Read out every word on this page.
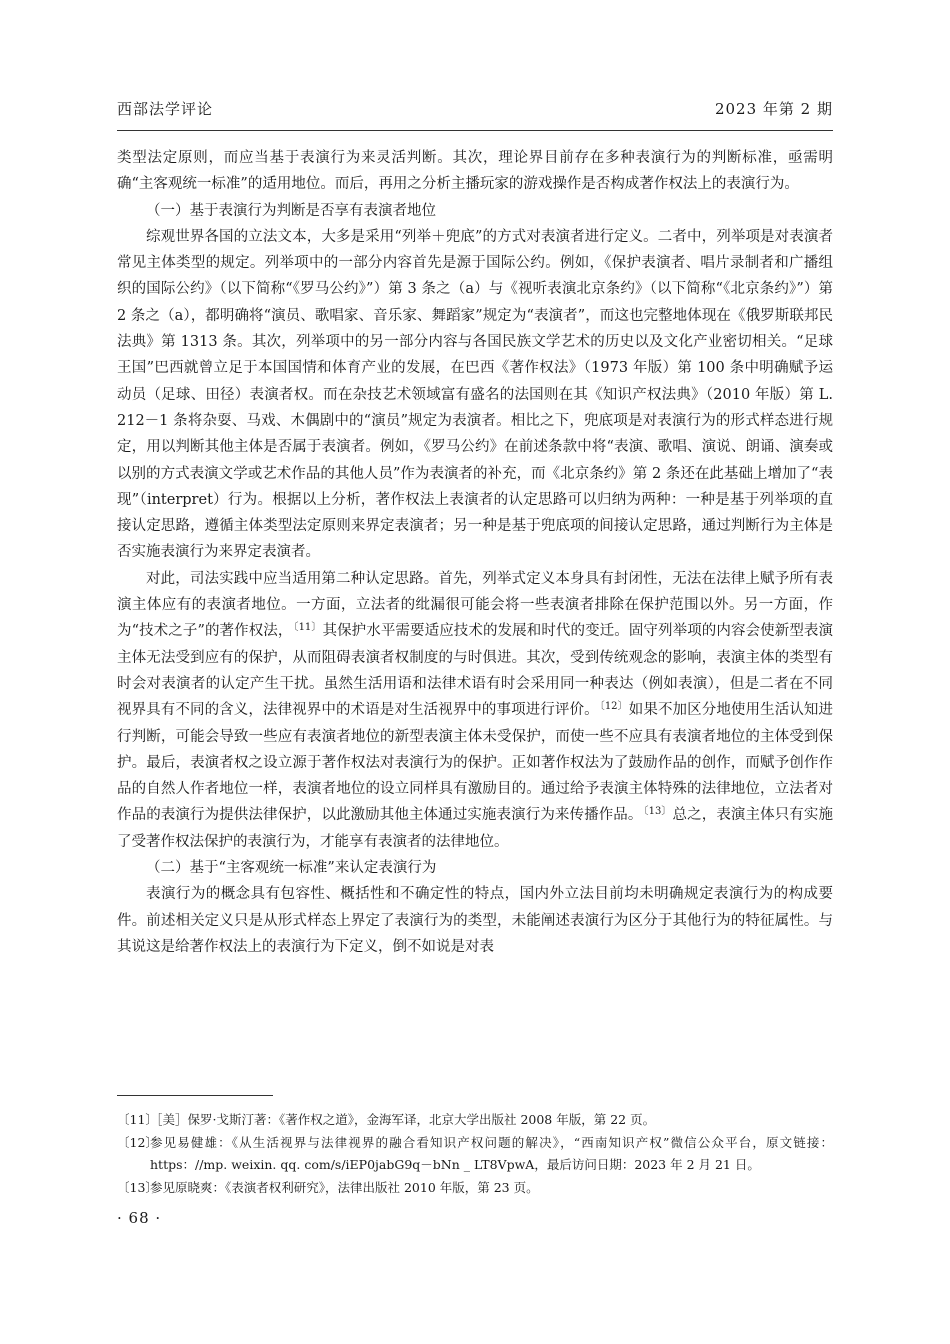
西部法学评论	2023 年第 2 期

类型法定原则，而应当基于表演行为来灵活判断。其次，理论界目前存在多种表演行为的判断标准，亟需明确“主客观统一标准”的适用地位。而后，再用之分析主播玩家的游戏操作是否构成著作权法上的表演行为。

（一）基于表演行为判断是否享有表演者地位

综观世界各国的立法文本，大多是采用“列举＋兜底”的方式对表演者进行定义。二者中，列举项是对表演者常见主体类型的规定。列举项中的一部分内容首先是源于国际公约。例如，《保护表演者、唱片录制者和广播组织的国际公约》（以下简称“《罗马公约》”）第 3 条之（a）与《视听表演北京条约》（以下简称“《北京条约》”）第 2 条之（a），都明确将“演员、歌唱家、音乐家、舞蹈家”规定为“表演者”，而这也完整地体现在《俄罗斯联邦民法典》第 1313 条。其次，列举项中的另一部分内容与各国民族文学艺术的历史以及文化产业密切相关。“足球王国”巴西就曾立足于本国国情和体育产业的发展，在巴西《著作权法》（1973 年版）第 100 条中明确赋予运动员（足球、田径）表演者权。而在杂技艺术领域富有盛名的法国则在其《知识产权法典》（2010 年版）第 L. 212－1 条将杂耍、马戏、木偶剧中的“演员”规定为表演者。相比之下，兜底项是对表演行为的形式样态进行规定，用以判断其他主体是否属于表演者。例如，《罗马公约》在前述条款中将“表演、歌唱、演说、朗诵、演奏或以别的方式表演文学或艺术作品的其他人员”作为表演者的补充，而《北京条约》第 2 条还在此基础上增加了“表现”（interpret）行为。根据以上分析，著作权法上表演者的认定思路可以归纳为两种：一种是基于列举项的直接认定思路，遵循主体类型法定原则来界定表演者；另一种是基于兜底项的间接认定思路，通过判断行为主体是否实施表演行为来界定表演者。

对此，司法实践中应当适用第二种认定思路。首先，列举式定义本身具有封闭性，无法在法律上赋予所有表演主体应有的表演者地位。一方面，立法者的纰漏很可能会将一些表演者排除在保护范围以外。另一方面，作为“技术之子”的著作权法，$^{〔11〕}$其保护水平需要适应技术的发展和时代的变迁。固守列举项的内容会使新型表演主体无法受到应有的保护，从而阻碍表演者权制度的与时俱进。其次，受到传统观念的影响，表演主体的类型有时会对表演者的认定产生干扰。虽然生活用语和法律术语有时会采用同一种表达（例如表演），但是二者在不同视界具有不同的含义，法律视界中的术语是对生活视界中的事项进行评价。$^{〔12〕}$如果不加区分地使用生活认知进行判断，可能会导致一些应有表演者地位的新型表演主体未受保护，而使一些不应具有表演者地位的主体受到保护。最后，表演者权之设立源于著作权法对表演行为的保护。正如著作权法为了鼓励作品的创作，而赋予创作作品的自然人作者地位一样，表演者地位的设立同样具有激励目的。通过给予表演主体特殊的法律地位，立法者对作品的表演行为提供法律保护，以此激励其他主体通过实施表演行为来传播作品。$^{〔13〕}$总之，表演主体只有实施了受著作权法保护的表演行为，才能享有表演者的法律地位。

（二）基于“主客观统一标准”来认定表演行为

表演行为的概念具有包容性、概括性和不确定性的特点，国内外立法目前均未明确规定表演行为的构成要件。前述相关定义只是从形式样态上界定了表演行为的类型，未能阐述表演行为区分于其他行为的特征属性。与其说这是给著作权法上的表演行为下定义，倒不如说是对表

〔11〕
［美］保罗·戈斯汀著：《著作权之道》，金海军译，北京大学出版社 2008 年版，第 22 页。
〔12〕
参见易健雄：《从生活视界与法律视界的融合看知识产权问题的解决》，“西南知识产权”微信公众平台，原文链接：https：//mp. weixin. qq. com/s/iEP0jabG9q－bNn _ LT8VpwA，最后访问日期：2023 年 2 月 21 日。
〔13〕
参见原晓爽：《表演者权利研究》，法律出版社 2010 年版，第 23 页。
· 68 ·
